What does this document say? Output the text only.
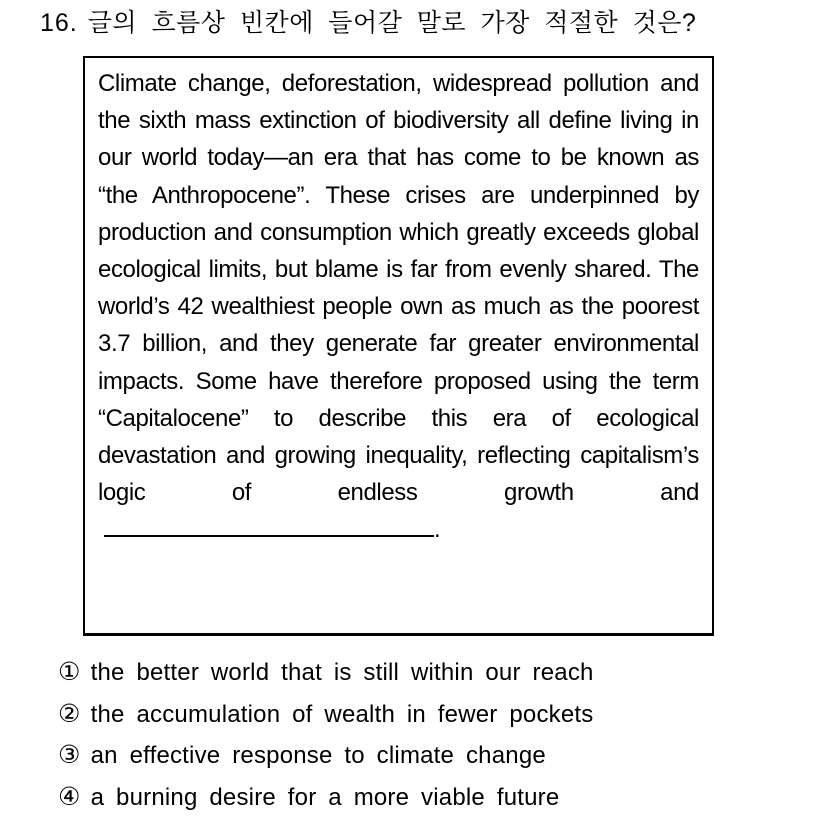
16. 글의 흐름상 빈칸에 들어갈 말로 가장 적절한 것은?

Climate change, deforestation, widespread pollution and the sixth mass extinction of biodiversity all define living in our world today—an era that has come to be known as “the Anthropocene”. These crises are underpinned by production and consumption which greatly exceeds global ecological limits, but blame is far from evenly shared. The world’s 42 wealthiest people own as much as the poorest 3.7 billion, and they generate far greater environmental impacts. Some have therefore proposed using the term “Capitalocene” to describe this era of ecological devastation and growing inequality, reflecting capitalism’s logic of endless growth and.

① the better world that is still within our reach
② the accumulation of wealth in fewer pockets
③ an effective response to climate change
④ a burning desire for a more viable future
